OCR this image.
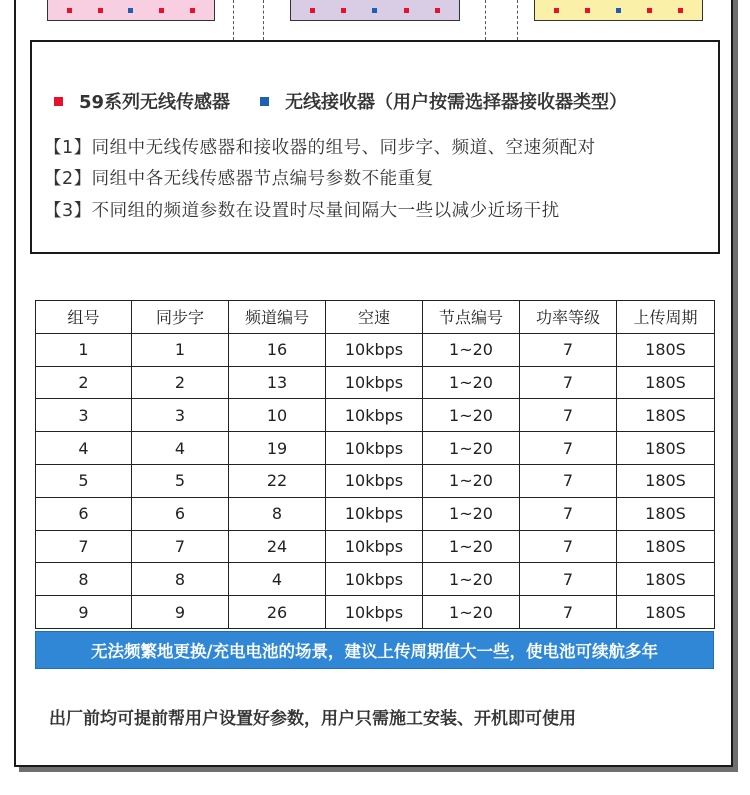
59系列无线传感器	无线接收器（用户按需选择器接收器类型）
【1】同组中无线传感器和接收器的组号、同步字、频道、空速须配对
【2】同组中各无线传感器节点编号参数不能重复
【3】不同组的频道参数在设置时尽量间隔大一些以减少近场干扰
组号	同步字	频道编号	空速	节点编号	功率等级	上传周期
1	1	16	10kbps	1~20	7	180S
2	2	13	10kbps	1~20	7	180S
3	3	10	10kbps	1~20	7	180S
4	4	19	10kbps	1~20	7	180S
5	5	22	10kbps	1~20	7	180S
6	6	8	10kbps	1~20	7	180S
7	7	24	10kbps	1~20	7	180S
8	8	4	10kbps	1~20	7	180S
9	9	26	10kbps	1~20	7	180S
无法频繁地更换/充电电池的场景，建议上传周期值大一些，使电池可续航多年
出厂前均可提前帮用户设置好参数，用户只需施工安装、开机即可使用
